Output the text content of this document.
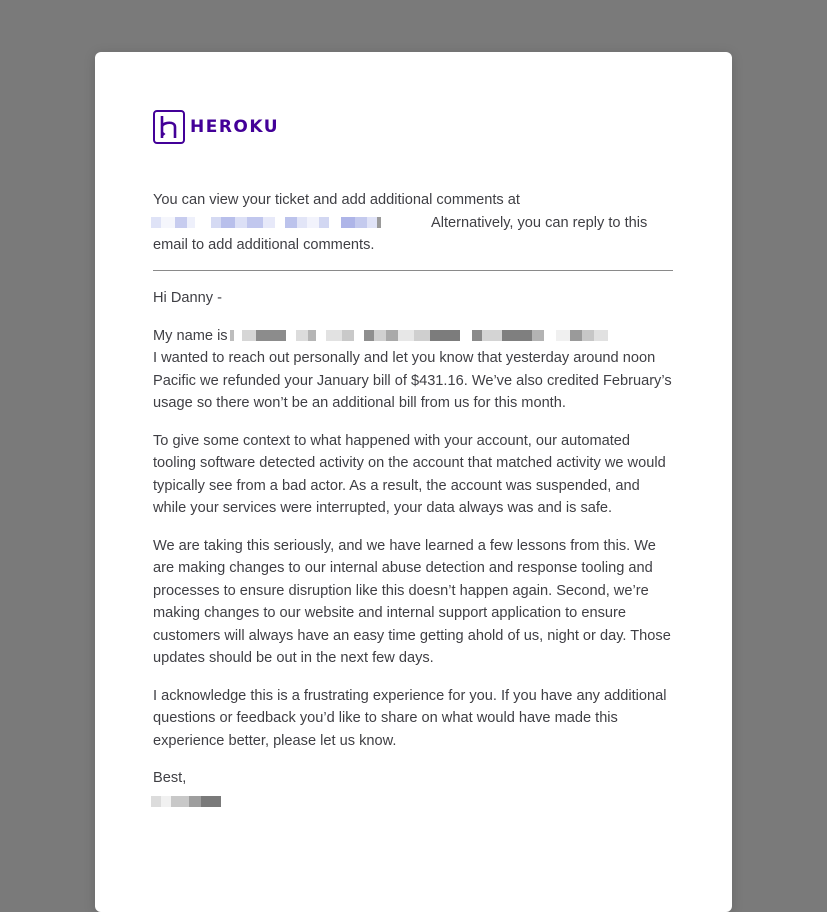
HEROKU

You can view your ticket and add additional comments at

Alternatively, you can reply to this

email to add additional comments.

Hi Danny -

My name is
I wanted to reach out personally and let you know that yesterday around noon Pacific we refunded your January bill of $431.16. We’ve also credited February’s usage so there won’t be an additional bill from us for this month.

To give some context to what happened with your account, our automated tooling software detected activity on the account that matched activity we would typically see from a bad actor. As a result, the account was suspended, and while your services were interrupted, your data always was and is safe.

We are taking this seriously, and we have learned a few lessons from this. We are making changes to our internal abuse detection and response tooling and processes to ensure disruption like this doesn’t happen again. Second, we’re making changes to our website and internal support application to ensure customers will always have an easy time getting ahold of us, night or day. Those updates should be out in the next few days.

I acknowledge this is a frustrating experience for you. If you have any additional questions or feedback you’d like to share on what would have made this experience better, please let us know.

Best,
